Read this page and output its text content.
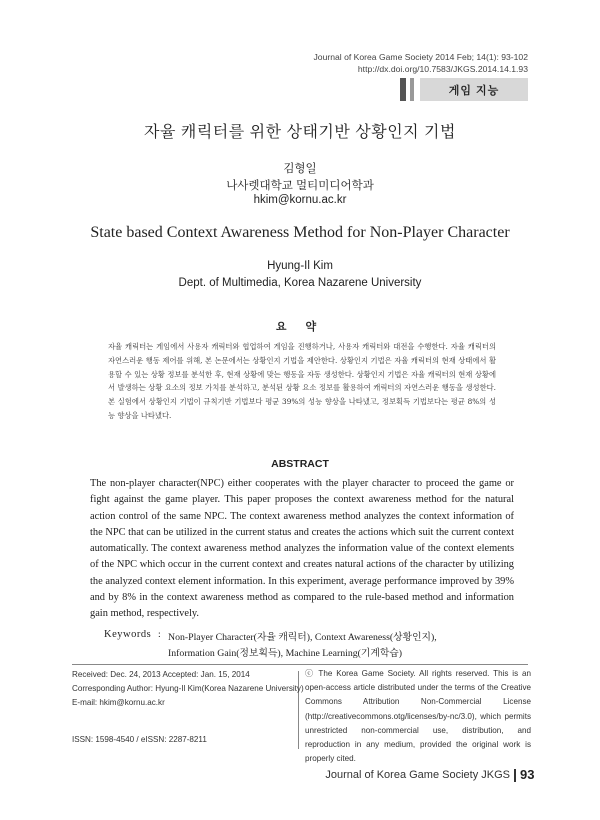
Journal of Korea Game Society 2014 Feb; 14(1): 93-102
http://dx.doi.org/10.7583/JKGS.2014.14.1.93
게임 지능
자율 캐릭터를 위한 상태기반 상황인지 기법
김형일
나사렛대학교 멀티미디어학과
hkim@kornu.ac.kr
State based Context Awareness Method for Non-Player Character
Hyung-Il Kim
Dept. of Multimedia, Korea Nazarene University
요 약
자율 캐릭터는 게임에서 사용자 캐릭터와 협업하여 게임을 진행하거나, 사용자 캐릭터와 대전을 수행한다. 자율 캐릭터의 자연스러운 행동 제어를 위해, 본 논문에서는 상황인지 기법을 제안한다. 상황인지 기법은 자율 캐릭터의 현재 상태에서 활용할 수 있는 상황 정보를 분석한 후, 현재 상황에 맞는 행동을 자동 생성한다. 상황인지 기법은 자율 캐릭터의 현재 상황에서 발생하는 상황 요소의 정보 가치를 분석하고, 분석된 상황 요소 정보를 활용하여 캐릭터의 자연스러운 행동을 생성한다. 본 실험에서 상황인지 기법이 규칙기반 기법보다 평균 39%의 성능 향상을 나타냈고, 정보획득 기법보다는 평균 8%의 성능 향상을 나타냈다.
ABSTRACT
The non-player character(NPC) either cooperates with the player character to proceed the game or fight against the game player. This paper proposes the context awareness method for the natural action control of the same NPC. The context awareness method analyzes the context information of the NPC that can be utilized in the current status and creates the actions which suit the current context automatically. The context awareness method analyzes the information value of the context elements of the NPC which occur in the current context and creates natural actions of the character by utilizing the analyzed context element information. In this experiment, average performance improved by 39% and by 8% in the context awareness method as compared to the rule-based method and information gain method, respectively.
Keywords : Non-Player Character(자율 캐릭터), Context Awareness(상황인지),
Information Gain(정보획득), Machine Learning(기계학습)
Received: Dec. 24, 2013 Accepted: Jan. 15, 2014
Corresponding Author: Hyung-Il Kim(Korea Nazarene University)
E-mail: hkim@kornu.ac.kr
ISSN: 1598-4540 / eISSN: 2287-8211
ⓒ The Korea Game Society. All rights reserved. This is an open-access article distributed under the terms of the Creative Commons Attribution Non-Commercial License (http://creativecommons.otg/licenses/by-nc/3.0), which permits unrestricted non-commercial use, distribution, and reproduction in any medium, provided the original work is properly cited.
Journal of Korea Game Society JKGS 93
